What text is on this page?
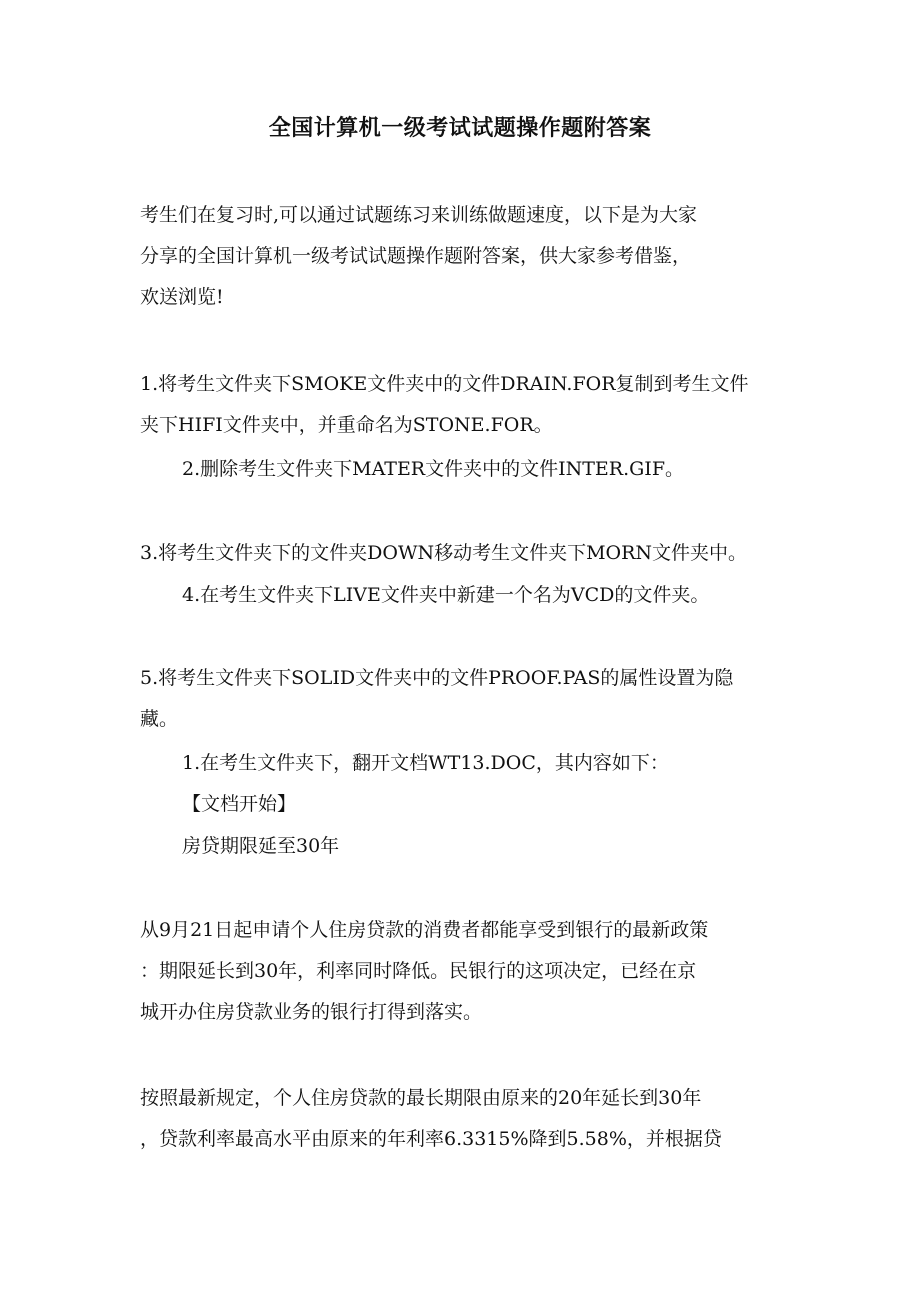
全国计算机一级考试试题操作题附答案
考生们在复习时,可以通过试题练习来训练做题速度，以下是为大家
分享的全国计算机一级考试试题操作题附答案，供大家参考借鉴，
欢送浏览!
1.将考生文件夹下SMOKE文件夹中的文件DRAIN.FOR复制到考生文件
夹下HIFI文件夹中，并重命名为STONE.FOR。
2.删除考生文件夹下MATER文件夹中的文件INTER.GIF。
3.将考生文件夹下的文件夹DOWN移动考生文件夹下MORN文件夹中。
4.在考生文件夹下LIVE文件夹中新建一个名为VCD的文件夹。
5.将考生文件夹下SOLID文件夹中的文件PROOF.PAS的属性设置为隐
藏。
1.在考生文件夹下，翻开文档WT13.DOC，其内容如下：
【文档开始】
房贷期限延至30年
从9月21日起申请个人住房贷款的消费者都能享受到银行的最新政策
：期限延长到30年，利率同时降低。民银行的这项决定，已经在京
城开办住房贷款业务的银行打得到落实。
按照最新规定，个人住房贷款的最长期限由原来的20年延长到30年
，贷款利率最高水平由原来的年利率6.3315%降到5.58%，并根据贷
